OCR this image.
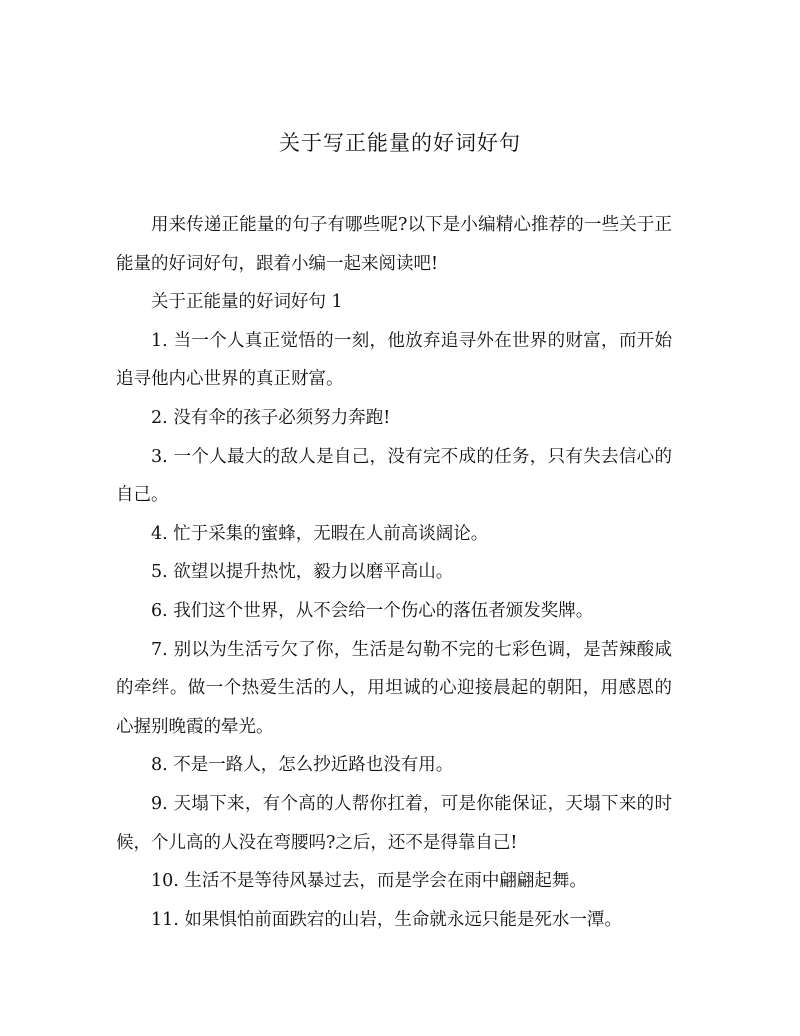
关于写正能量的好词好句

用来传递正能量的句子有哪些呢?以下是小编精心推荐的一些关于正能量的好词好句，跟着小编一起来阅读吧!

关于正能量的好词好句 1

1. 当一个人真正觉悟的一刻，他放弃追寻外在世界的财富，而开始追寻他内心世界的真正财富。

2. 没有伞的孩子必须努力奔跑!

3. 一个人最大的敌人是自己，没有完不成的任务，只有失去信心的自己。

4. 忙于采集的蜜蜂，无暇在人前高谈阔论。

5. 欲望以提升热忱，毅力以磨平高山。

6. 我们这个世界，从不会给一个伤心的落伍者颁发奖牌。

7. 别以为生活亏欠了你，生活是勾勒不完的七彩色调，是苦辣酸咸的牵绊。做一个热爱生活的人，用坦诚的心迎接晨起的朝阳，用感恩的心握别晚霞的晕光。

8. 不是一路人，怎么抄近路也没有用。

9. 天塌下来，有个高的人帮你扛着，可是你能保证，天塌下来的时候，个儿高的人没在弯腰吗?之后，还不是得靠自己!

10. 生活不是等待风暴过去，而是学会在雨中翩翩起舞。

11. 如果惧怕前面跌宕的山岩，生命就永远只能是死水一潭。
